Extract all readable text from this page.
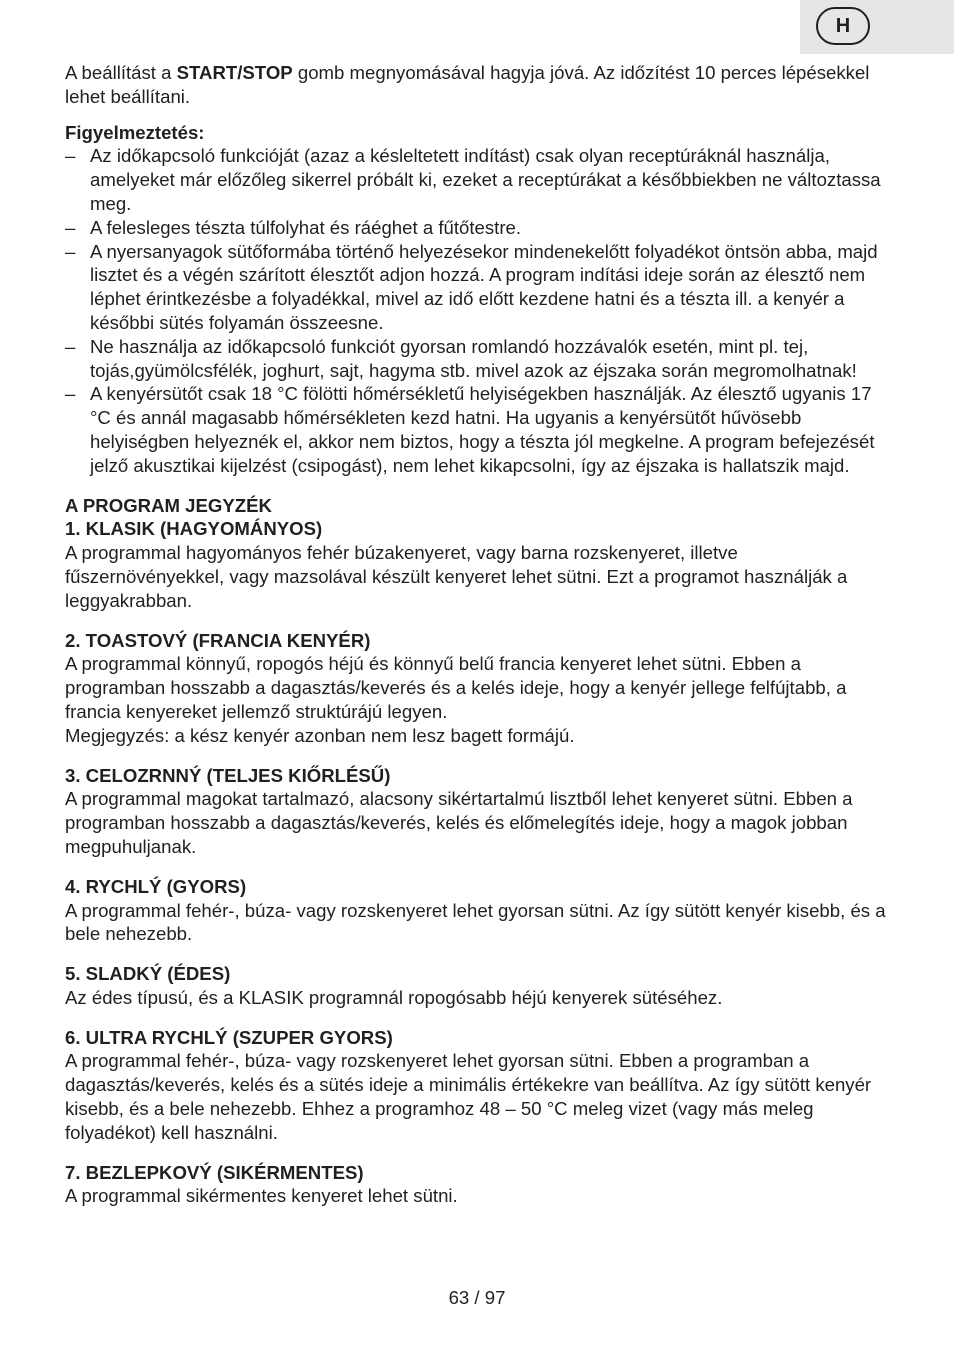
H

A beállítást a START/STOP gomb megnyomásával hagyja jóvá. Az időzítést 10 perces lépésekkel lehet beállítani.

Figyelmeztetés:

– Az időkapcsoló funkcióját (azaz a késleltetett indítást) csak olyan receptúráknál használja, amelyeket már előzőleg sikerrel próbált ki, ezeket a receptúrákat a későbbiekben ne változtassa meg.
– A felesleges tészta túlfolyhat és ráéghet a fűtőtestre.
– A nyersanyagok sütőformába történő helyezésekor mindenekelőtt folyadékot öntsön abba, majd lisztet és a végén szárított élesztőt adjon hozzá. A program indítási ideje során az élesztő nem léphet érintkezésbe a folyadékkal, mivel az idő előtt kezdene hatni és a tészta ill. a kenyér a későbbi sütés folyamán összeesne.
– Ne használja az időkapcsoló funkciót gyorsan romlandó hozzávalók esetén, mint pl. tej, tojás,gyümölcsfélék, joghurt, sajt, hagyma stb. mivel azok az éjszaka során megromolhatnak!
– A kenyérsütőt csak 18 °C fölötti hőmérsékletű helyiségekben használják. Az élesztő ugyanis 17 °C és annál magasabb hőmérsékleten kezd hatni. Ha ugyanis a kenyérsütőt hűvösebb helyiségben helyeznék el, akkor nem biztos, hogy a tészta jól megkelne. A program befejezését jelző akusztikai kijelzést (csipogást), nem lehet kikapcsolni, így az éjszaka is hallatszik majd.

A PROGRAM JEGYZÉK

1. KLASIK (HAGYOMÁNYOS)

A programmal hagyományos fehér búzakenyeret, vagy barna rozskenyeret, illetve fűszernövényekkel, vagy mazsolával készült kenyeret lehet sütni. Ezt a programot használják a leggyakrabban.

2. TOASTOVÝ (FRANCIA KENYÉR)

A programmal könnyű, ropogós héjú és könnyű belű francia kenyeret lehet sütni. Ebben a programban hosszabb a dagasztás/keverés és a kelés ideje, hogy a kenyér jellege felfújtabb, a francia kenyereket jellemző struktúrájú legyen.

Megjegyzés: a kész kenyér azonban nem lesz bagett formájú.

3. CELOZRNNÝ (TELJES KIŐRLÉSŰ)

A programmal magokat tartalmazó, alacsony sikértartalmú lisztből lehet kenyeret sütni. Ebben a programban hosszabb a dagasztás/keverés, kelés és előmelegítés ideje, hogy a magok jobban megpuhuljanak.

4. RYCHLÝ (GYORS)

A programmal fehér-, búza- vagy rozskenyeret lehet gyorsan sütni. Az így sütött kenyér kisebb, és a bele nehezebb.

5. SLADKÝ (ÉDES)

Az édes típusú, és a KLASIK programnál ropogósabb héjú kenyerek sütéséhez.

6. ULTRA RYCHLÝ (SZUPER GYORS)

A programmal fehér-, búza- vagy rozskenyeret lehet gyorsan sütni. Ebben a programban a dagasztás/keverés, kelés és a sütés ideje a minimális értékekre van beállítva. Az így sütött kenyér kisebb, és a bele nehezebb. Ehhez a programhoz 48 – 50 °C meleg vizet (vagy más meleg folyadékot) kell használni.

7. BEZLEPKOVÝ (SIKÉRMENTES)

A programmal sikérmentes kenyeret lehet sütni.

63 / 97
